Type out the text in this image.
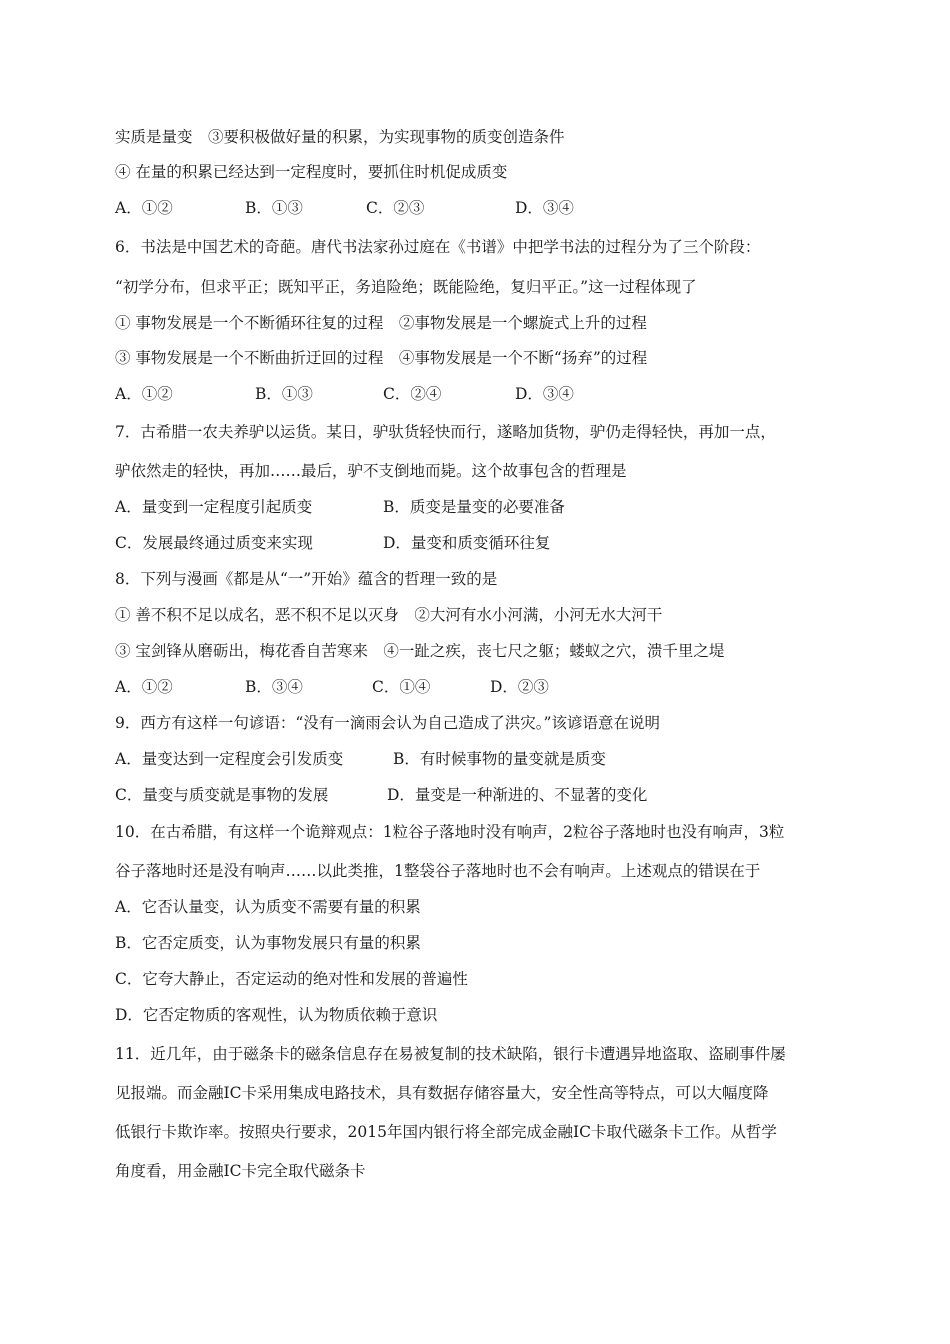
实质是量变　③要积极做好量的积累，为实现事物的质变创造条件
④ 在量的积累已经达到一定程度时，要抓住时机促成质变
A．①②	B．①③	C．②③	D．③④
6．书法是中国艺术的奇葩。唐代书法家孙过庭在《书谱》中把学书法的过程分为了三个阶段：
“初学分布，但求平正；既知平正，务追险绝；既能险绝，复归平正。”这一过程体现了
① 事物发展是一个不断循环往复的过程　②事物发展是一个螺旋式上升的过程
③ 事物发展是一个不断曲折迂回的过程　④事物发展是一个不断“扬弃”的过程
A．①②	B．①③	C．②④	D．③④
7．古希腊一农夫养驴以运货。某日，驴驮货轻快而行，遂略加货物，驴仍走得轻快，再加一点，
驴依然走的轻快，再加……最后，驴不支倒地而毙。这个故事包含的哲理是
A．量变到一定程度引起质变	B．质变是量变的必要准备
C．发展最终通过质变来实现	D．量变和质变循环往复
8．下列与漫画《都是从“一”开始》蕴含的哲理一致的是
① 善不积不足以成名，恶不积不足以灭身　②大河有水小河满，小河无水大河干
③ 宝剑锋从磨砺出，梅花香自苦寒来　④一趾之疾，丧七尺之躯；蝼蚁之穴，溃千里之堤
A．①②	B．③④	C．①④	D．②③
9．西方有这样一句谚语：“没有一滴雨会认为自己造成了洪灾。”该谚语意在说明
A．量变达到一定程度会引发质变	B．有时候事物的量变就是质变
C．量变与质变就是事物的发展	D．量变是一种渐进的、不显著的变化
10．在古希腊，有这样一个诡辩观点：1粒谷子落地时没有响声，2粒谷子落地时也没有响声，3粒
谷子落地时还是没有响声……以此类推，1整袋谷子落地时也不会有响声。上述观点的错误在于
A．它否认量变，认为质变不需要有量的积累
B．它否定质变，认为事物发展只有量的积累
C．它夸大静止，否定运动的绝对性和发展的普遍性
D．它否定物质的客观性，认为物质依赖于意识
11．近几年，由于磁条卡的磁条信息存在易被复制的技术缺陷，银行卡遭遇异地盗取、盗刷事件屡
见报端。而金融IC卡采用集成电路技术，具有数据存储容量大，安全性高等特点，可以大幅度降
低银行卡欺诈率。按照央行要求，2015年国内银行将全部完成金融IC卡取代磁条卡工作。从哲学
角度看，用金融IC卡完全取代磁条卡
